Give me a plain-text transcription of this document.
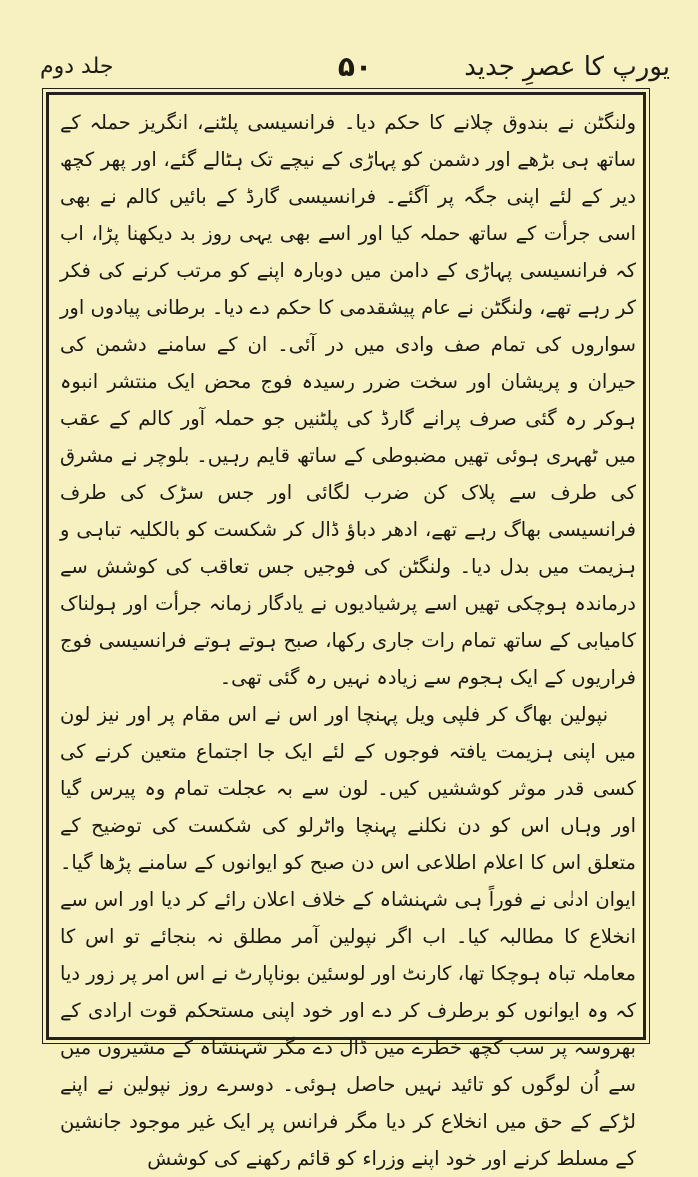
یورپ کا عصرِ جدید
۵۰
جلد دوم

ولنگٹن نے بندوق چلانے کا حکم دیا۔ فرانسیسی پلٹنے، انگریز حملہ کے ساتھ ہی بڑھے اور دشمن کو پہاڑی کے نیچے تک ہٹالے گئے، اور پھر کچھ دیر کے لئے اپنی جگہ پر آگئے۔ فرانسیسی گارڈ کے بائیں کالم نے بھی اسی جرأت کے ساتھ حملہ کیا اور اسے بھی یہی روز بد دیکھنا پڑا، اب کہ فرانسیسی پہاڑی کے دامن میں دوبارہ اپنے کو مرتب کرنے کی فکر کر رہے تھے، ولنگٹن نے عام پیشقدمی کا حکم دے دیا۔ برطانی پیادوں اور سواروں کی تمام صف وادی میں در آئی۔ ان کے سامنے دشمن کی حیران و پریشان اور سخت ضرر رسیدہ فوج محض ایک منتشر انبوہ ہوکر رہ گئی صرف پرانے گارڈ کی پلٹنیں جو حملہ آور کالم کے عقب میں ٹھہری ہوئی تھیں مضبوطی کے ساتھ قایم رہیں۔ بلوچر نے مشرق کی طرف سے پلاک کن ضرب لگائی اور جس سڑک کی طرف فرانسیسی بھاگ رہے تھے، ادھر دباؤ ڈال کر شکست کو بالکلیہ تباہی و ہزیمت میں بدل دیا۔ ولنگٹن کی فوجیں جس تعاقب کی کوشش سے درماندہ ہوچکی تھیں اسے پرشیادیوں نے یادگار زمانہ جرأت اور ہولناک کامیابی کے ساتھ تمام رات جاری رکھا، صبح ہوتے ہوتے فرانسیسی فوج فراریوں کے ایک ہجوم سے زیادہ نہیں رہ گئی تھی۔

نپولین بھاگ کر فلپی ویل پہنچا اور اس نے اس مقام پر اور نیز لون میں اپنی ہزیمت یافتہ فوجوں کے لئے ایک جا اجتماع متعین کرنے کی کسی قدر موثر کوششیں کیں۔ لون سے بہ عجلت تمام وہ پیرس گیا اور وہاں اس کو دن نکلنے پہنچا واٹرلو کی شکست کی توضیح کے متعلق اس کا اعلام اطلاعی اس دن صبح کو ایوانوں کے سامنے پڑھا گیا۔ ایوان ادنٰی نے فوراً ہی شہنشاہ کے خلاف اعلان رائے کر دیا اور اس سے انخلاع کا مطالبہ کیا۔ اب اگر نپولین آمر مطلق نہ بنجائے تو اس کا معاملہ تباہ ہوچکا تھا، کارنٹ اور لوسئین بوناپارٹ نے اس امر پر زور دیا کہ وہ ایوانوں کو برطرف کر دے اور خود اپنی مستحکم قوت ارادی کے بھروسہ پر سب کچھ خطرے میں ڈال دے مگر شہنشاہ کے مشیروں میں سے اُن لوگوں کو تائید نہیں حاصل ہوئی۔ دوسرے روز نپولین نے اپنے لڑکے کے حق میں انخلاع کر دیا مگر فرانس پر ایک غیر موجود جانشین کے مسلط کرنے اور خود اپنے وزراء کو قائم رکھنے کی کوشش
